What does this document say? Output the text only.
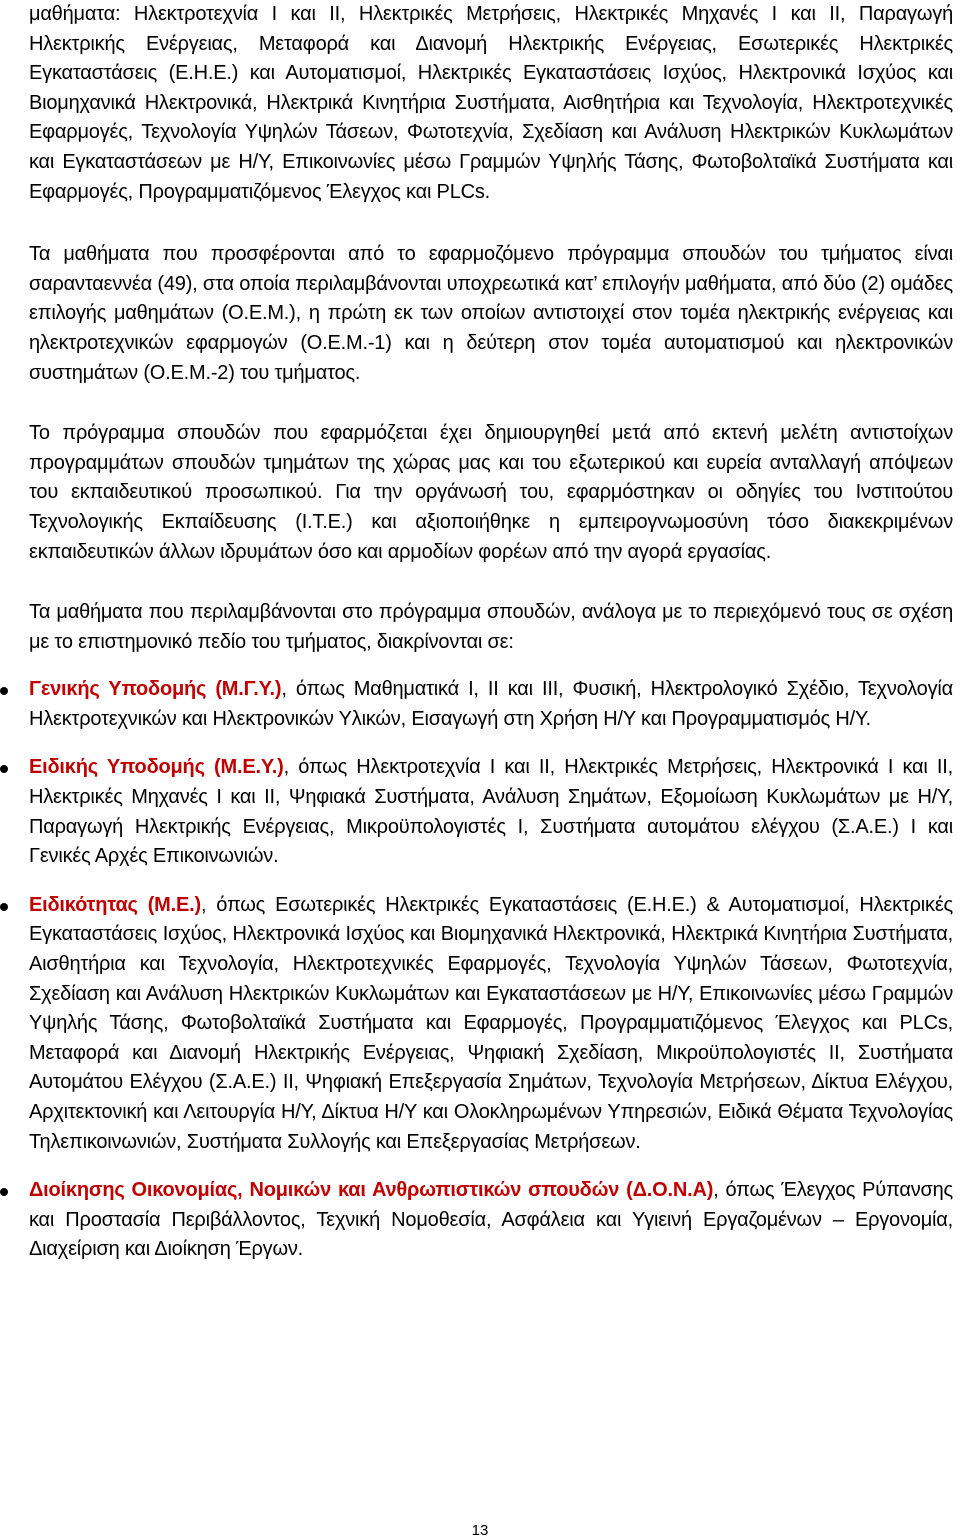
μαθήματα: Ηλεκτροτεχνία Ι και ΙΙ, Ηλεκτρικές Μετρήσεις, Ηλεκτρικές Μηχανές Ι και ΙΙ, Παραγωγή Ηλεκτρικής Ενέργειας, Μεταφορά και Διανομή Ηλεκτρικής Ενέργειας, Εσωτερικές Ηλεκτρικές Εγκαταστάσεις (Ε.Η.Ε.) και Αυτοματισμοί, Ηλεκτρικές Εγκαταστάσεις Ισχύος, Ηλεκτρονικά Ισχύος και Βιομηχανικά Ηλεκτρονικά, Ηλεκτρικά Κινητήρια Συστήματα, Αισθητήρια και Τεχνολογία, Ηλεκτροτεχνικές Εφαρμογές, Τεχνολογία Υψηλών Τάσεων, Φωτοτεχνία, Σχεδίαση και Ανάλυση Ηλεκτρικών Κυκλωμάτων και Εγκαταστάσεων με Η/Υ, Επικοινωνίες μέσω Γραμμών Υψηλής Τάσης, Φωτοβολταϊκά Συστήματα και Εφαρμογές, Προγραμματιζόμενος Έλεγχος και PLCs.

Τα μαθήματα που προσφέρονται από το εφαρμοζόμενο πρόγραμμα σπουδών του τμήματος είναι σαρανταεννέα (49), στα οποία περιλαμβάνονται υποχρεωτικά κατ’ επιλογήν μαθήματα, από δύο (2) ομάδες επιλογής μαθημάτων (Ο.Ε.Μ.), η πρώτη εκ των οποίων αντιστοιχεί στον τομέα ηλεκτρικής ενέργειας και ηλεκτροτεχνικών εφαρμογών (Ο.Ε.Μ.-1) και η δεύτερη στον τομέα αυτοματισμού και ηλεκτρονικών συστημάτων (Ο.Ε.Μ.-2) του τμήματος.

Το πρόγραμμα σπουδών που εφαρμόζεται έχει δημιουργηθεί μετά από εκτενή μελέτη αντιστοίχων προγραμμάτων σπουδών τμημάτων της χώρας μας και του εξωτερικού και ευρεία ανταλλαγή απόψεων του εκπαιδευτικού προσωπικού. Για την οργάνωσή του, εφαρμόστηκαν οι οδηγίες του Ινστιτούτου Τεχνολογικής Εκπαίδευσης (Ι.Τ.Ε.) και αξιοποιήθηκε η εμπειρογνωμοσύνη τόσο διακεκριμένων εκπαιδευτικών άλλων ιδρυμάτων όσο και αρμοδίων φορέων από την αγορά εργασίας.

Τα μαθήματα που περιλαμβάνονται στο πρόγραμμα σπουδών, ανάλογα με το περιεχόμενό τους σε σχέση με το επιστημονικό πεδίο του τμήματος, διακρίνονται σε:

Γενικής Υποδομής (Μ.Γ.Υ.), όπως Μαθηματικά Ι, ΙΙ και ΙΙΙ, Φυσική, Ηλεκτρολογικό Σχέδιο, Τεχνολογία Ηλεκτροτεχνικών και Ηλεκτρονικών Υλικών, Εισαγωγή στη Χρήση Η/Υ και Προγραμματισμός Η/Υ.
Ειδικής Υποδομής (Μ.Ε.Υ.), όπως Ηλεκτροτεχνία Ι και ΙΙ, Ηλεκτρικές Μετρήσεις, Ηλεκτρονικά Ι και ΙΙ, Ηλεκτρικές Μηχανές Ι και ΙΙ, Ψηφιακά Συστήματα, Ανάλυση Σημάτων, Εξομοίωση Κυκλωμάτων με Η/Υ, Παραγωγή Ηλεκτρικής Ενέργειας, Μικροϋπολογιστές Ι, Συστήματα αυτομάτου ελέγχου (Σ.Α.Ε.) Ι και Γενικές Αρχές Επικοινωνιών.
Ειδικότητας (Μ.Ε.), όπως Εσωτερικές Ηλεκτρικές Εγκαταστάσεις (Ε.Η.Ε.) & Αυτοματισμοί, Ηλεκτρικές Εγκαταστάσεις Ισχύος, Ηλεκτρονικά Ισχύος και Βιομηχανικά Ηλεκτρονικά, Ηλεκτρικά Κινητήρια Συστήματα, Αισθητήρια και Τεχνολογία, Ηλεκτροτεχνικές Εφαρμογές, Τεχνολογία Υψηλών Τάσεων, Φωτοτεχνία, Σχεδίαση και Ανάλυση Ηλεκτρικών Κυκλωμάτων και Εγκαταστάσεων με Η/Υ, Επικοινωνίες μέσω Γραμμών Υψηλής Τάσης, Φωτοβολταϊκά Συστήματα και Εφαρμογές, Προγραμματιζόμενος Έλεγχος και PLCs, Μεταφορά και Διανομή Ηλεκτρικής Ενέργειας, Ψηφιακή Σχεδίαση, Μικροϋπολογιστές ΙΙ, Συστήματα Αυτομάτου Ελέγχου (Σ.Α.Ε.) ΙΙ, Ψηφιακή Επεξεργασία Σημάτων, Τεχνολογία Μετρήσεων, Δίκτυα Ελέγχου, Αρχιτεκτονική και Λειτουργία Η/Υ, Δίκτυα Η/Υ και Ολοκληρωμένων Υπηρεσιών, Ειδικά Θέματα Τεχνολογίας Τηλεπικοινωνιών, Συστήματα Συλλογής και Επεξεργασίας Μετρήσεων.
Διοίκησης Οικονομίας, Νομικών και Ανθρωπιστικών σπουδών (Δ.Ο.Ν.Α), όπως Έλεγχος Ρύπανσης και Προστασία Περιβάλλοντος, Τεχνική Νομοθεσία, Ασφάλεια και Υγιεινή Εργαζομένων – Εργονομία, Διαχείριση και Διοίκηση Έργων.
13
